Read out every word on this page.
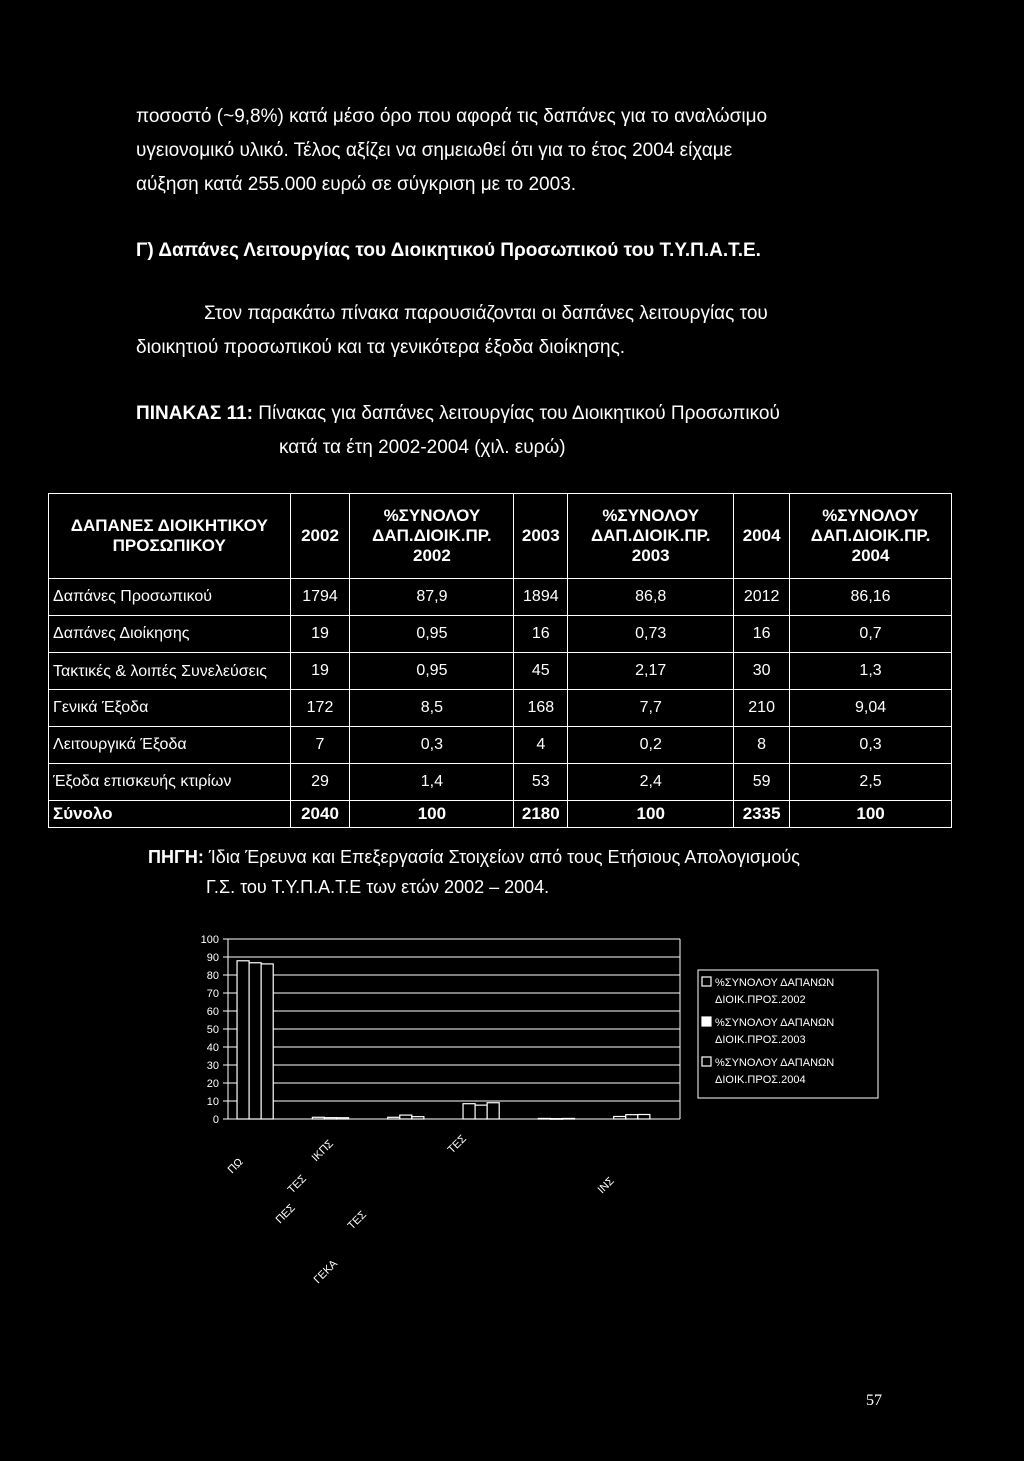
ποσοστό (~9,8%) κατά μέσο όρο που αφορά τις δαπάνες για το αναλώσιμο
υγειονομικό υλικό. Τέλος αξίζει να σημειωθεί ότι για το έτος 2004 είχαμε
αύξηση κατά 255.000 ευρώ σε σύγκριση με το 2003.
Γ) Δαπάνες Λειτουργίας του Διοικητικού Προσωπικού του Τ.Υ.Π.Α.Τ.Ε.
Στον παρακάτω πίνακα παρουσιάζονται οι δαπάνες λειτουργίας του
διοικητιού προσωπικού και τα γενικότερα έξοδα διοίκησης.
ΠΙΝΑΚΑΣ 11: Πίνακας για δαπάνες λειτουργίας του Διοικητικού Προσωπικού
κατά τα έτη 2002-2004 (χιλ. ευρώ)
ΔΑΠΑΝΕΣ ΔΙΟΙΚΗΤΙΚΟΥ ΠΡΟΣΩΠΙΚΟΥ	2002	%ΣΥΝΟΛΟΥ ΔΑΠ.ΔΙΟΙΚ.ΠΡ. 2002	2003	%ΣΥΝΟΛΟΥ ΔΑΠ.ΔΙΟΙΚ.ΠΡ. 2003	2004	%ΣΥΝΟΛΟΥ ΔΑΠ.ΔΙΟΙΚ.ΠΡ. 2004
Δαπάνες Προσωπικού	1794	87,9	1894	86,8	2012	86,16
Δαπάνες Διοίκησης	19	0,95	16	0,73	16	0,7
Τακτικές & λοιπές Συνελεύσεις	19	0,95	45	2,17	30	1,3
Γενικά Έξοδα	172	8,5	168	7,7	210	9,04
Λειτουργικά Έξοδα	7	0,3	4	0,2	8	0,3
Έξοδα επισκευής κτιρίων	29	1,4	53	2,4	59	2,5
Σύνολο	2040	100	2180	100	2335	100
ΠΗΓΗ: Ίδια Έρευνα και Επεξεργασία Στοιχείων από τους Ετήσιους Απολογισμούς
Γ.Σ. του Τ.Υ.Π.Α.Τ.Ε των ετών 2002 – 2004.
0
10
20
30
40
50
60
70
80
90
100
ΠΩ
ΤΕΣ
ΙΚΠΣ
ΠΕΣ	ΤΕΣ
ΤΕΣ
ΓΕΚΑ
ΙΝΣ
%ΣΥΝΟΛΟΥ ΔΑΠΑΝΩΝ
ΔΙΟΙΚ.ΠΡΟΣ.2002
%ΣΥΝΟΛΟΥ ΔΑΠΑΝΩΝ
ΔΙΟΙΚ.ΠΡΟΣ.2003
%ΣΥΝΟΛΟΥ ΔΑΠΑΝΩΝ
ΔΙΟΙΚ.ΠΡΟΣ.2004
57
